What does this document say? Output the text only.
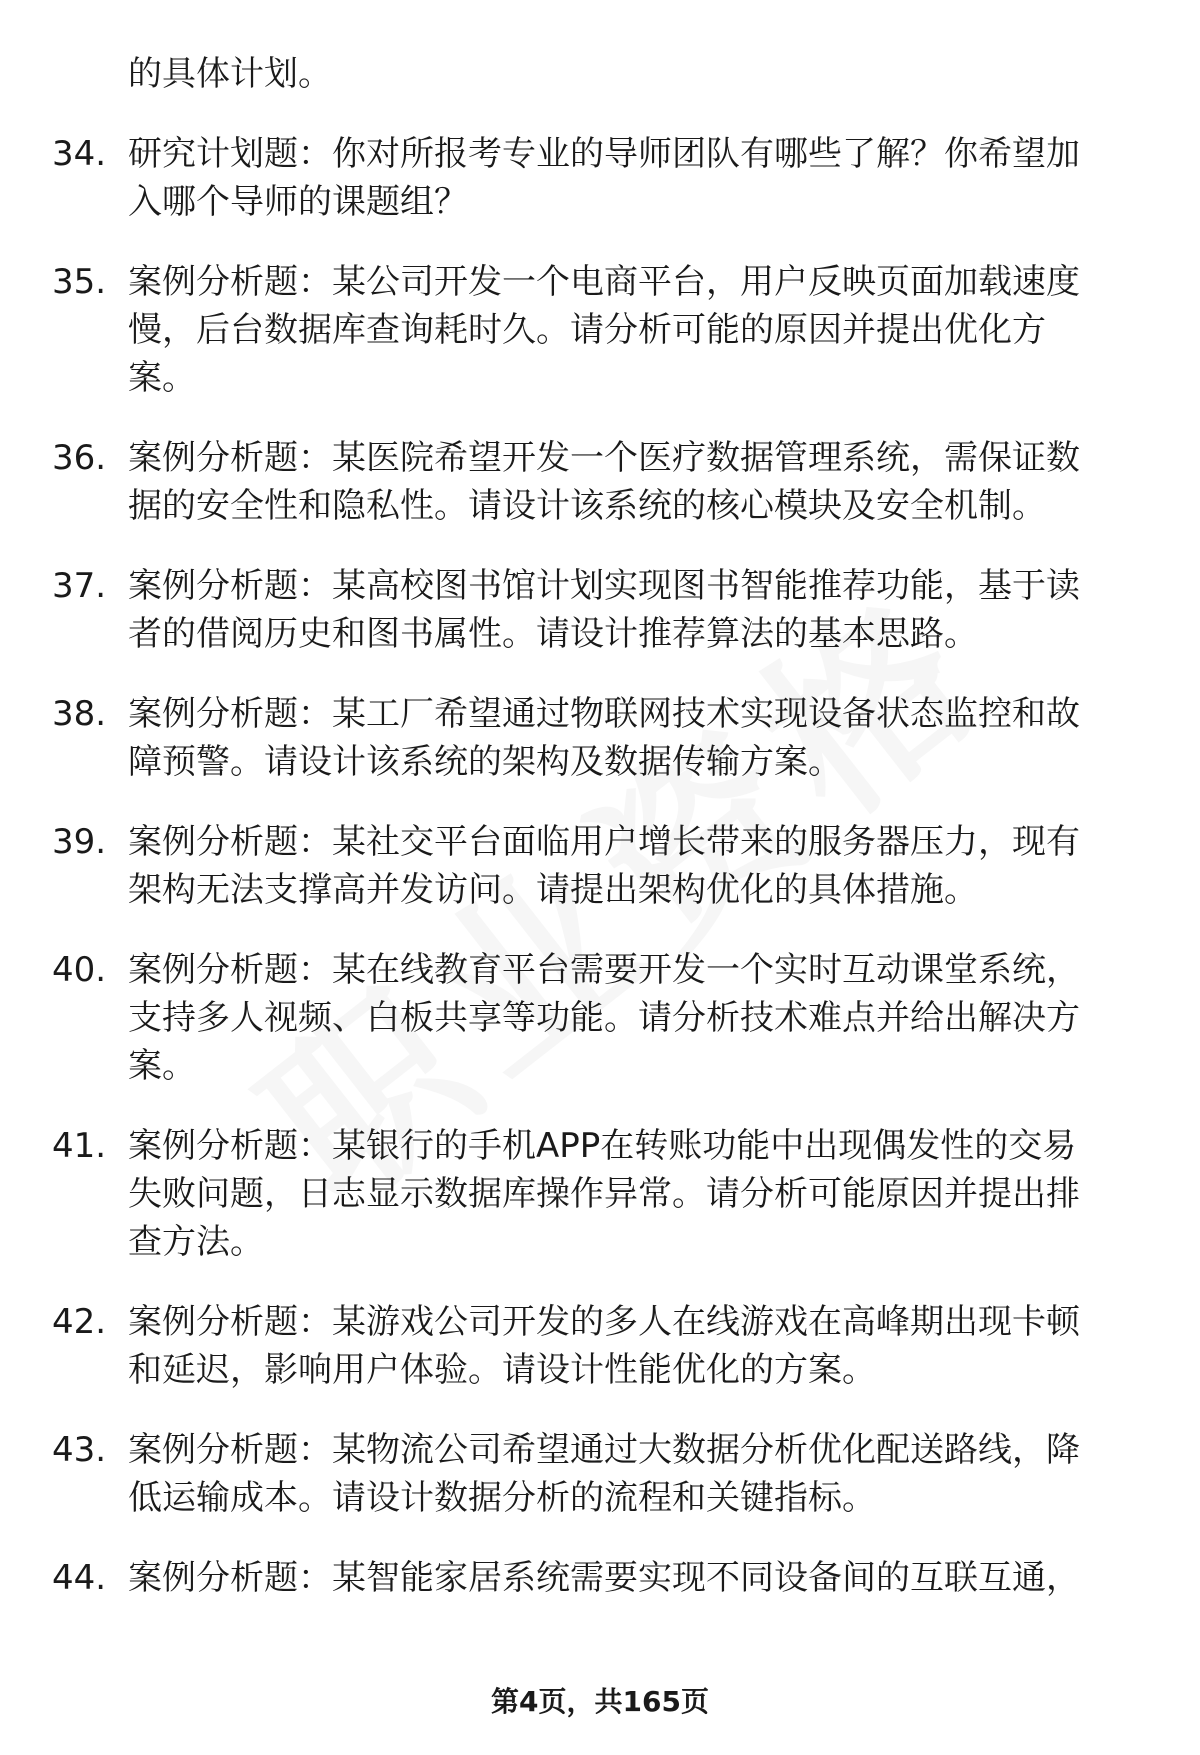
的具体计划。
34. 研究计划题：你对所报考专业的导师团队有哪些了解？你希望加
入哪个导师的课题组？
35. 案例分析题：某公司开发一个电商平台，用户反映页面加载速度
慢，后台数据库查询耗时久。请分析可能的原因并提出优化方
案。
36. 案例分析题：某医院希望开发一个医疗数据管理系统，需保证数
据的安全性和隐私性。请设计该系统的核心模块及安全机制。
37. 案例分析题：某高校图书馆计划实现图书智能推荐功能，基于读
者的借阅历史和图书属性。请设计推荐算法的基本思路。
38. 案例分析题：某工厂希望通过物联网技术实现设备状态监控和故
障预警。请设计该系统的架构及数据传输方案。
39. 案例分析题：某社交平台面临用户增长带来的服务器压力，现有
架构无法支撑高并发访问。请提出架构优化的具体措施。
40. 案例分析题：某在线教育平台需要开发一个实时互动课堂系统，
支持多人视频、白板共享等功能。请分析技术难点并给出解决方
案。
41. 案例分析题：某银行的手机APP在转账功能中出现偶发性的交易
失败问题，日志显示数据库操作异常。请分析可能原因并提出排
查方法。
42. 案例分析题：某游戏公司开发的多人在线游戏在高峰期出现卡顿
和延迟，影响用户体验。请设计性能优化的方案。
43. 案例分析题：某物流公司希望通过大数据分析优化配送路线，降
低运输成本。请设计数据分析的流程和关键指标。
44. 案例分析题：某智能家居系统需要实现不同设备间的互联互通，
第4页，共165页
